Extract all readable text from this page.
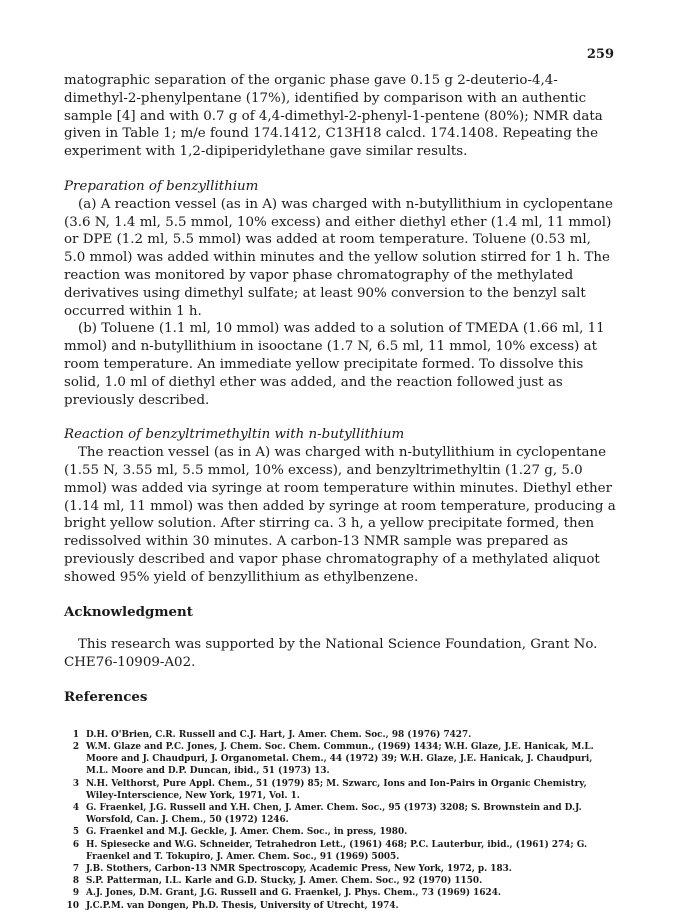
259

matographic separation of the organic phase gave 0.15 g 2-deuterio-4,4-dimethyl-2-phenylpentane (17%), identified by comparison with an authentic sample [4] and with 0.7 g of 4,4-dimethyl-2-phenyl-1-pentene (80%); NMR data given in Table 1; m/e found 174.1412, C13H18 calcd. 174.1408. Repeating the experiment with 1,2-dipiperidylethane gave similar results.

Preparation of benzyllithium

(a) A reaction vessel (as in A) was charged with n-butyllithium in cyclopentane (3.6 N, 1.4 ml, 5.5 mmol, 10% excess) and either diethyl ether (1.4 ml, 11 mmol) or DPE (1.2 ml, 5.5 mmol) was added at room temperature. Toluene (0.53 ml, 5.0 mmol) was added within minutes and the yellow solution stirred for 1 h. The reaction was monitored by vapor phase chromatography of the methylated derivatives using dimethyl sulfate; at least 90% conversion to the benzyl salt occurred within 1 h.

(b) Toluene (1.1 ml, 10 mmol) was added to a solution of TMEDA (1.66 ml, 11 mmol) and n-butyllithium in isooctane (1.7 N, 6.5 ml, 11 mmol, 10% excess) at room temperature. An immediate yellow precipitate formed. To dissolve this solid, 1.0 ml of diethyl ether was added, and the reaction followed just as previously described.

Reaction of benzyltrimethyltin with n-butyllithium

The reaction vessel (as in A) was charged with n-butyllithium in cyclopentane (1.55 N, 3.55 ml, 5.5 mmol, 10% excess), and benzyltrimethyltin (1.27 g, 5.0 mmol) was added via syringe at room temperature within minutes. Diethyl ether (1.14 ml, 11 mmol) was then added by syringe at room temperature, producing a bright yellow solution. After stirring ca. 3 h, a yellow precipitate formed, then redissolved within 30 minutes. A carbon-13 NMR sample was prepared as previously described and vapor phase chromatography of a methylated aliquot showed 95% yield of benzyllithium as ethylbenzene.

Acknowledgment

This research was supported by the National Science Foundation, Grant No. CHE76-10909-A02.

References

1 D.H. O'Brien, C.R. Russell and C.J. Hart, J. Amer. Chem. Soc., 98 (1976) 7427.
2 W.M. Glaze and P.C. Jones, J. Chem. Soc. Chem. Commun., (1969) 1434; W.H. Glaze, J.E. Hanicak, M.L. Moore and J. Chaudpuri, J. Organometal. Chem., 44 (1972) 39; W.H. Glaze, J.E. Hanicak, J. Chaudpuri, M.L. Moore and D.P. Duncan, ibid., 51 (1973) 13.
3 N.H. Velthorst, Pure Appl. Chem., 51 (1979) 85; M. Szwarc, Ions and Ion-Pairs in Organic Chemistry, Wiley-Interscience, New York, 1971, Vol. 1.
4 G. Fraenkel, J.G. Russell and Y.H. Chen, J. Amer. Chem. Soc., 95 (1973) 3208; S. Brownstein and D.J. Worsfold, Can. J. Chem., 50 (1972) 1246.
5 G. Fraenkel and M.J. Geckle, J. Amer. Chem. Soc., in press, 1980.
6 H. Spiesecke and W.G. Schneider, Tetrahedron Lett., (1961) 468; P.C. Lauterbur, ibid., (1961) 274; G. Fraenkel and T. Tokupiro, J. Amer. Chem. Soc., 91 (1969) 5005.
7 J.B. Stothers, Carbon-13 NMR Spectroscopy, Academic Press, New York, 1972, p. 183.
8 S.P. Patterman, I.L. Karle and G.D. Stucky, J. Amer. Chem. Soc., 92 (1970) 1150.
9 A.J. Jones, D.M. Grant, J.G. Russell and G. Fraenkel, J. Phys. Chem., 73 (1969) 1624.
10 J.C.P.M. van Dongen, Ph.D. Thesis, University of Utrecht, 1974.
